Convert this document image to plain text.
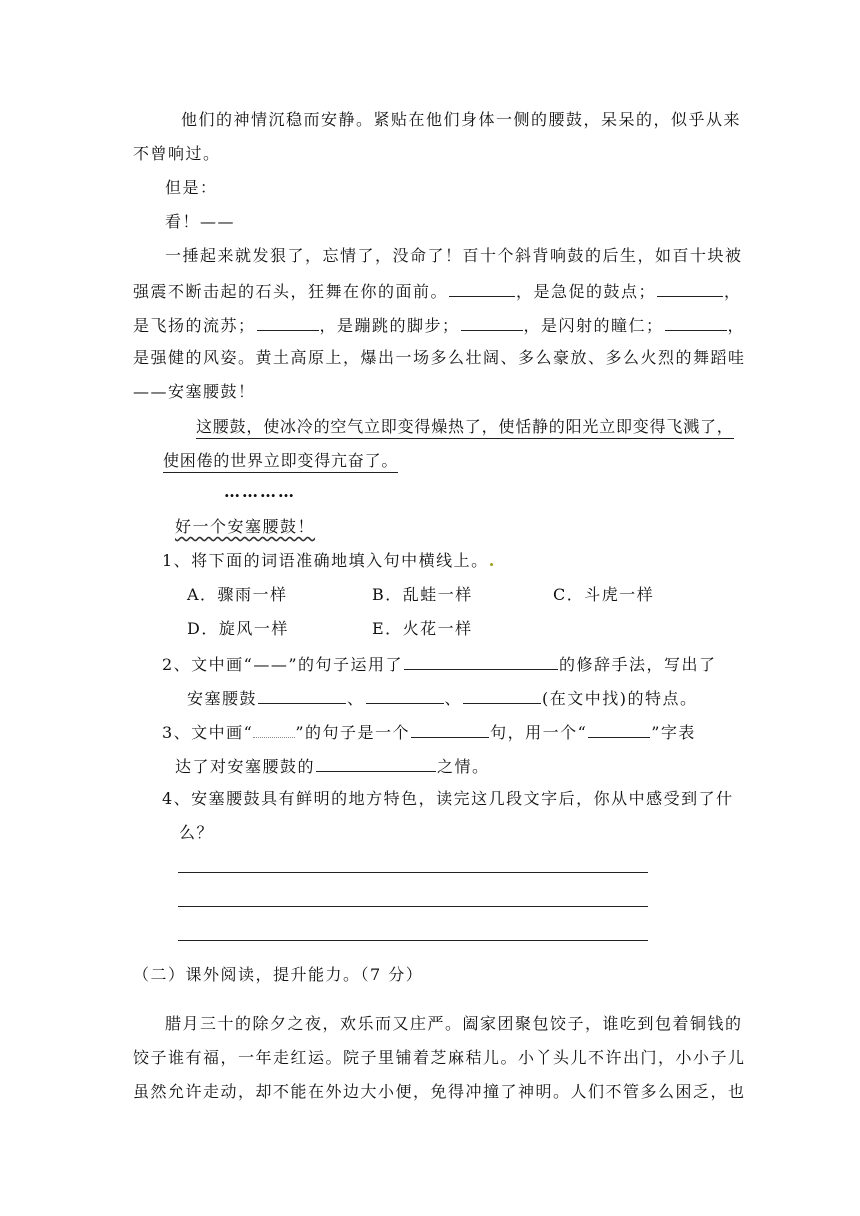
他们的神情沉稳而安静。紧贴在他们身体一侧的腰鼓，呆呆的，似乎从来
不曾响过。
但是：
看！——
一捶起来就发狠了，忘情了，没命了！百十个斜背响鼓的后生，如百十块被
强震不断击起的石头，狂舞在你的面前。	，是急促的鼓点；	，
是飞扬的流苏；	，是蹦跳的脚步；	，是闪射的瞳仁；	，
是强健的风姿。黄土高原上，爆出一场多么壮阔、多么豪放、多么火烈的舞蹈哇
——安塞腰鼓！
这腰鼓，使冰冷的空气立即变得燥热了，使恬静的阳光立即变得飞溅了，
使困倦的世界立即变得亢奋了。
…………
好一个安塞腰鼓！
1、将下面的词语准确地填入句中横线上。.
A．骤雨一样	B．乱蛙一样	C．斗虎一样
D．旋风一样	E．火花一样
2、文中画“——”的句子运用了	的修辞手法，写出了
安塞腰鼓	、	、	(在文中找)的特点。
3、文中画“	”的句子是一个	句，用一个“	”字表
达了对安塞腰鼓的	之情。
4、安塞腰鼓具有鲜明的地方特色，读完这几段文字后，你从中感受到了什
么？
（二）课外阅读，提升能力。（7 分）
腊月三十的除夕之夜，欢乐而又庄严。阖家团聚包饺子，谁吃到包着铜钱的
饺子谁有福，一年走红运。院子里铺着芝麻秸儿。小丫头儿不许出门，小小子儿
虽然允许走动，却不能在外边大小便，免得冲撞了神明。人们不管多么困乏，也
